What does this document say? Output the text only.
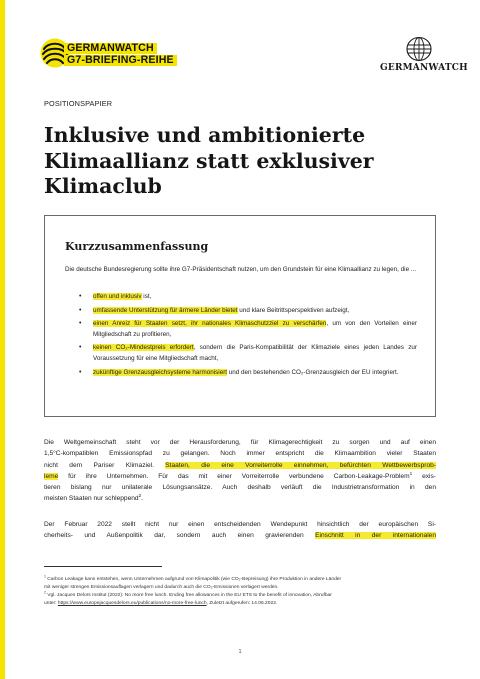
GERMANWATCH
G7-BRIEFING-REIHE
GERMANWATCH
POSITIONSPAPIER
Inklusive und ambitionierte
Klimaallianz statt exklusiver
Klimaclub
Kurzzusammenfassung
Die deutsche Bundesregierung sollte ihre G7-Präsidentschaft nutzen, um den Grundstein für eine Klimaallianz zu legen, die ...
• offen und inklusiv ist,
• umfassende Unterstützung für ärmere Länder bietet und klare Beitrittsperspektiven aufzeigt,
• einen Anreiz für Staaten setzt, ihr nationales Klimaschutzziel zu verschärfen, um von den Vorteilen einer Mitgliedschaft zu profitieren,
• keinen CO₂-Mindestpreis erfordert, sondern die Paris-Kompatibilität der Klimaziele eines jeden Landes zur Voraussetzung für eine Mitgliedschaft macht,
• zukünftige Grenzausgleichsysteme harmonisiert und den bestehenden CO₂-Grenzausgleich der EU integriert.
Die Weltgemeinschaft steht vor der Herausforderung, für Klimagerechtigkeit zu sorgen und auf einen
1,5°C-kompatiblen Emissionspfad zu gelangen. Noch immer entspricht die Klimaambition vieler Staaten
nicht dem Pariser Klimaziel. Staaten, die eine Vorreiterrolle einnehmen, befürchten Wettbewerbsprob-
leme für ihre Unternehmen. Für das mit einer Vorreiterrolle verbundene Carbon-Leakage-Problem$^1$ exis-
tieren bislang nur unilaterale Lösungsansätze. Auch deshalb verläuft die Industrietransformation in den
meisten Staaten nur schleppend$^2$.
Der Februar 2022 stellt nicht nur einen entscheidenden Wendepunkt hinsichtlich der europäischen Si-
cherheits- und Außenpolitik dar, sondern auch einen gravierenden Einschnitt in der internationalen
$^1$ Carbon Leakage kann entstehen, wenn Unternehmen aufgrund von Klimapolitik (wie CO₂-Bepreisung) ihre Produktion in andere Länder
mit weniger strengen Emissionsauflagen verlagern und dadurch auch die CO₂-Emissionen verlagert werden.
$^2$ Vgl. Jacques Delors Institut (2022): No more free lunch. Ending free allowances in the EU ETS to the benefit of innovation, Abrufbar
unter: https://www.europejacquesdelors.eu/publications/no-more-free-lunch, Zuletzt aufgerufen: 14.06.2022.
1
